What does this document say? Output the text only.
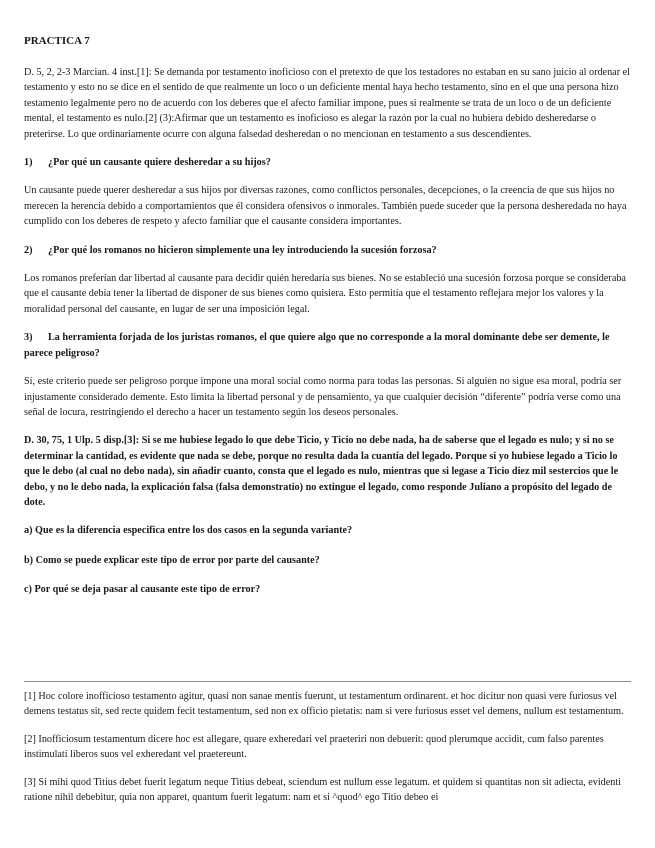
PRACTICA 7

D. 5, 2, 2-3 Marcian. 4 inst.[1]: Se demanda por testamento inoficioso con el pretexto de que los testadores no estaban en su sano juicio al ordenar el testamento y esto no se dice en el sentido de que realmente un loco o un deficiente mental haya hecho testamento, sino en el que una persona hizo testamento legalmente pero no de acuerdo con los deberes que el afecto familiar impone, pues si realmente se trata de un loco o de un deficiente mental, el testamento es nulo.[2] (3):Afirmar que un testamento es inoficioso es alegar la razón por la cual no hubiera debido desheredarse o preterirse. Lo que ordinariamente ocurre con alguna falsedad desheredan o no mencionan en testamento a sus descendientes.

1) ¿Por qué un causante quiere desheredar a su hijos?

Un causante puede querer desheredar a sus hijos por diversas razones, como conflictos personales, decepciones, o la creencia de que sus hijos no merecen la herencia debido a comportamientos que él considera ofensivos o inmorales. También puede suceder que la persona desheredada no haya cumplido con los deberes de respeto y afecto familiar que el causante considera importantes.

2) ¿Por qué los romanos no hicieron simplemente una ley introduciendo la sucesión forzosa?

Los romanos preferían dar libertad al causante para decidir quién heredaría sus bienes. No se estableció una sucesión forzosa porque se consideraba que el causante debía tener la libertad de disponer de sus bienes como quisiera. Esto permitía que el testamento reflejara mejor los valores y la moralidad personal del causante, en lugar de ser una imposición legal.

3) La herramienta forjada de los juristas romanos, el que quiere algo que no corresponde a la moral dominante debe ser demente, le parece peligroso?

Sí, este criterio puede ser peligroso porque impone una moral social como norma para todas las personas. Si alguien no sigue esa moral, podría ser injustamente considerado demente. Esto limita la libertad personal y de pensamiento, ya que cualquier decisión “diferente” podría verse como una señal de locura, restringiendo el derecho a hacer un testamento según los deseos personales.

D. 30, 75, 1 Ulp. 5 disp.[3]: Si se me hubiese legado lo que debe Ticio, y Ticio no debe nada, ha de saberse que el legado es nulo; y si no se determinar la cantidad, es evidente que nada se debe, porque no resulta dada la cuantía del legado. Porque si yo hubiese legado a Ticio lo que le debo (al cual no debo nada), sin añadir cuanto, consta que el legado es nulo, mientras que si legase a Ticio diez mil sestercios que le debo, y no le debo nada, la explicación falsa (falsa demonstratio) no extingue el legado, como responde Juliano a propósito del legado de dote.

a) Que es la diferencia especifica entre los dos casos en la segunda variante?
b) Como se puede explicar este tipo de error por parte del causante?
c) Por qué se deja pasar al causante este tipo de error?

[1] Hoc colore inofficioso testamento agitur, quasi non sanae mentis fuerunt, ut testamentum ordinarent. et hoc dicitur non quasi vere furiosus vel demens testatus sit, sed recte quidem fecit testamentum, sed non ex officio pietatis: nam si vere furiosus esset vel demens, nullum est testamentum.

[2] Inofficiosum testamentum dicere hoc est allegare, quare exheredari vel praeteriri non debuerit: quod plerumque accidit, cum falso parentes instimulati liberos suos vel exheredant vel praetereunt.

[3] Si mihi quod Titius debet fuerit legatum neque Titius debeat, sciendum est nullum esse legatum. et quidem si quantitas non sit adiecta, evidenti ratione nihil debebitur, quia non apparet, quantum fuerit legatum: nam et si ^quod^ ego Titio debeo ei
